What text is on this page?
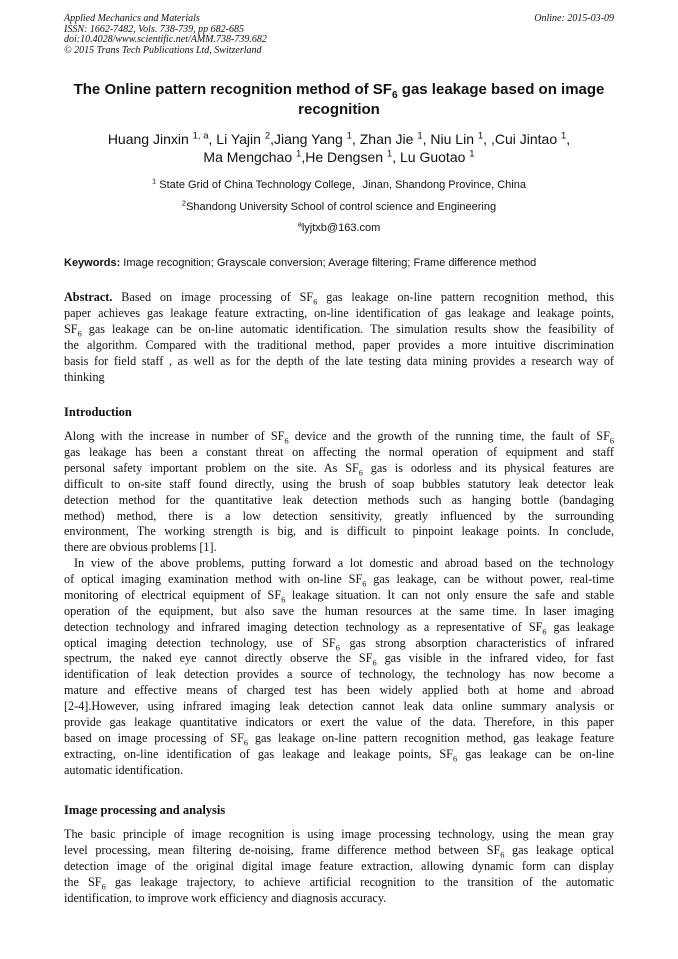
Applied Mechanics and Materials
ISSN: 1662-7482, Vols. 738-739, pp 682-685
doi:10.4028/www.scientific.net/AMM.738-739.682
© 2015 Trans Tech Publications Ltd, Switzerland
Online: 2015-03-09
The Online pattern recognition method of $SF_6$ gas leakage based on image recognition
Huang Jinxin $^{1, a}$, Li Yajin $^2$,Jiang Yang $^1$, Zhan Jie $^1$, Niu Lin $^1$, ,Cui Jintao $^1$,
Ma Mengchao $^1$,He Dengsen $^1$, Lu Guotao $^1$
$^1$ State Grid of China Technology College，Jinan, Shandong Province, China
$^2$Shandong University School of control science and Engineering
$^a$lyjtxb@163.com
Keywords: Image recognition; Grayscale conversion; Average filtering; Frame difference method
Abstract. Based on image processing of $SF_6$ gas leakage on-line pattern recognition method, this
paper achieves gas leakage feature extracting, on-line identification of gas leakage and leakage points,
$SF_6$ gas leakage can be on-line automatic identification. The simulation results show the feasibility of
the algorithm. Compared with the traditional method, paper provides a more intuitive discrimination
basis for field staff , as well as for the depth of the late testing data mining provides a research way of
thinking
Introduction
Along with the increase in number of $SF_6$ device and the growth of the running time, the fault of $SF_6$
gas leakage has been a constant threat on affecting the normal operation of equipment and staff
personal safety important problem on the site. As $SF_6$ gas is odorless and its physical features are
difficult to on-site staff found directly, using the brush of soap bubbles statutory leak detector leak
detection method for the quantitative leak detection methods such as hanging bottle (bandaging
method) method, there is a low detection sensitivity, greatly influenced by the surrounding
environment, The working strength is big, and is difficult to pinpoint leakage points. In conclude,
there are obvious problems [1].
In view of the above problems, putting forward a lot domestic and abroad based on the technology
of optical imaging examination method with on-line $SF_6$ gas leakage, can be without power, real-time
monitoring of electrical equipment of $SF_6$ leakage situation. It can not only ensure the safe and stable
operation of the equipment, but also save the human resources at the same time. In laser imaging
detection technology and infrared imaging detection technology as a representative of $SF_6$ gas leakage
optical imaging detection technology, use of $SF_6$ gas strong absorption characteristics of infrared
spectrum, the naked eye cannot directly observe the $SF_6$ gas visible in the infrared video, for fast
identification of leak detection provides a source of technology, the technology has now become a
mature and effective means of charged test has been widely applied both at home and abroad
[2-4].However, using infrared imaging leak detection cannot leak data online summary analysis or
provide gas leakage quantitative indicators or exert the value of the data. Therefore, in this paper
based on image processing of $SF_6$ gas leakage on-line pattern recognition method, gas leakage feature
extracting, on-line identification of gas leakage and leakage points, $SF_6$ gas leakage can be on-line
automatic identification.
Image processing and analysis
The basic principle of image recognition is using image processing technology, using the mean gray
level processing, mean filtering de-noising, frame difference method between $SF_6$ gas leakage optical
detection image of the original digital image feature extraction, allowing dynamic form can display
the $SF_6$ gas leakage trajectory, to achieve artificial recognition to the transition of the automatic
identification, to improve work efficiency and diagnosis accuracy.
